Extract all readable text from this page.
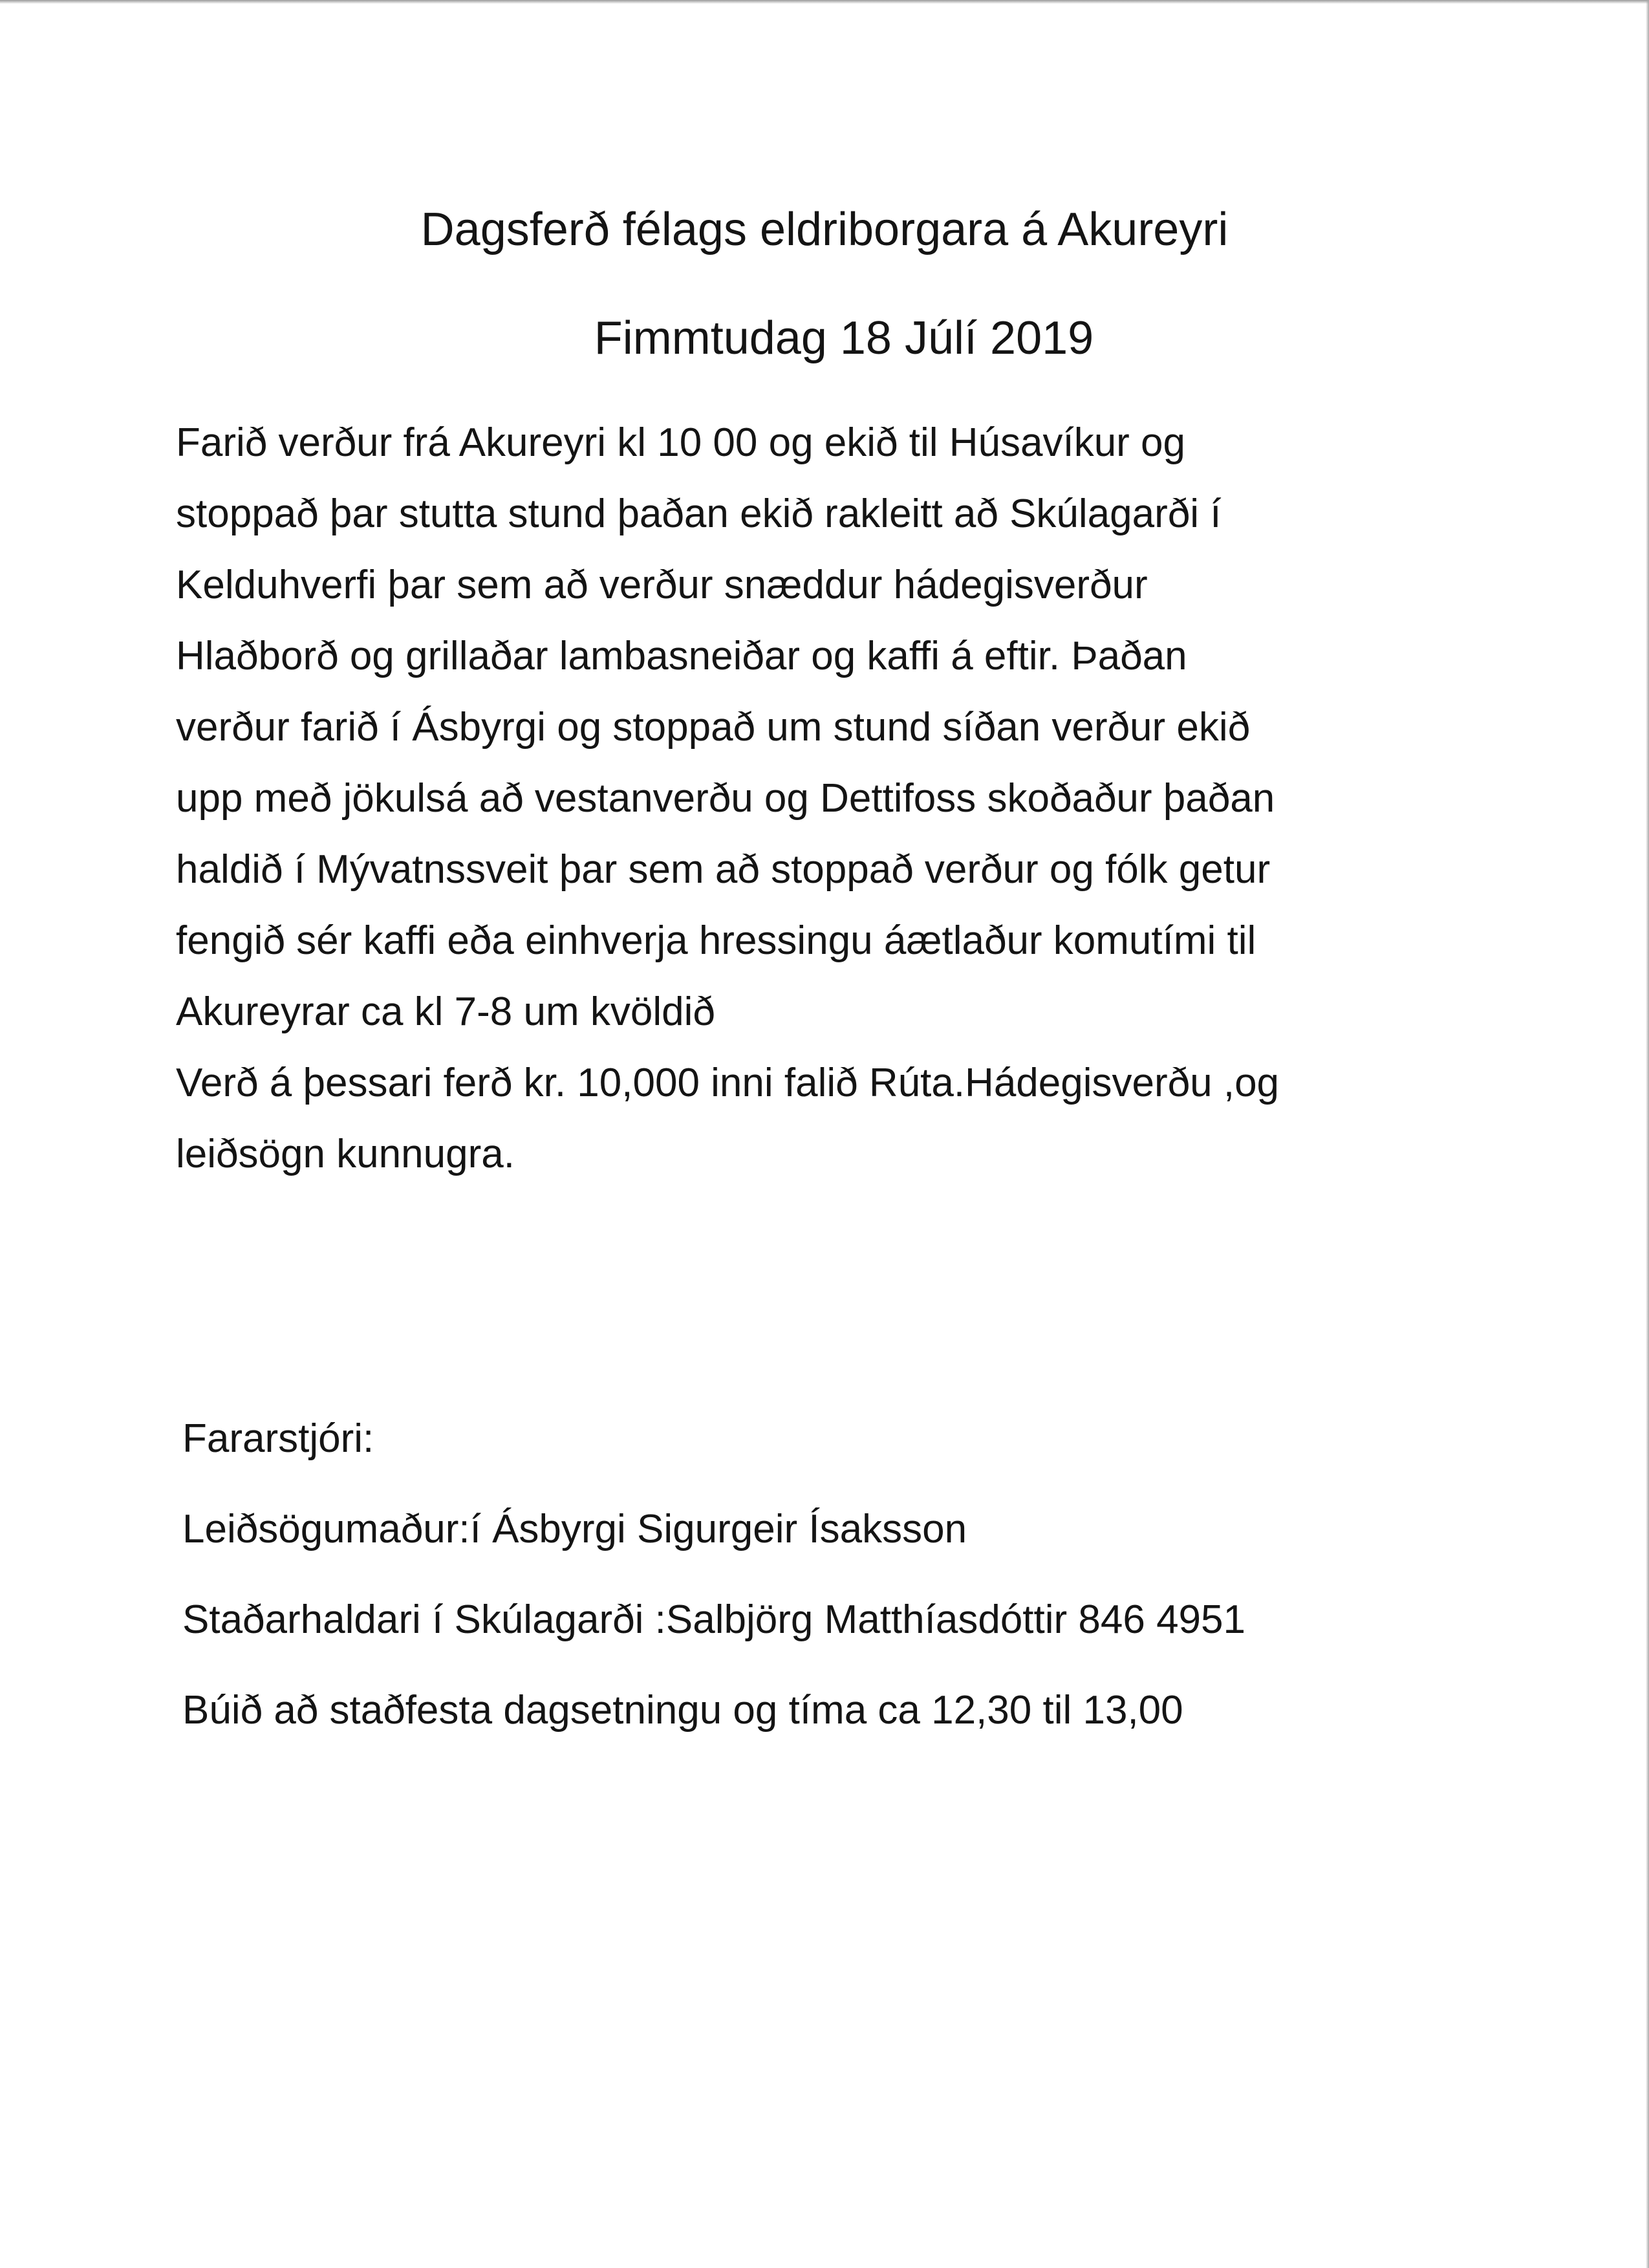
Dagsferð félags eldriborgara á Akureyri
Fimmtudag 18 Júlí 2019
Farið verður frá Akureyri kl 10 00 og ekið til Húsavíkur og
stoppað þar stutta stund þaðan ekið rakleitt að Skúlagarði í
Kelduhverfi þar sem að verður snæddur hádegisverður
Hlaðborð og grillaðar lambasneiðar og kaffi á eftir. Þaðan
verður farið í Ásbyrgi og stoppað um stund síðan verður ekið
upp með jökulsá að vestanverðu og Dettifoss skoðaður þaðan
haldið í Mývatnssveit þar sem að stoppað verður og fólk getur
fengið sér kaffi eða einhverja hressingu áætlaður komutími til
Akureyrar ca kl 7-8 um kvöldið
Verð á þessari ferð kr. 10,000 inni falið Rúta.Hádegisverðu ,og
leiðsögn kunnugra.
Fararstjóri:
Leiðsögumaður:í Ásbyrgi Sigurgeir Ísaksson
Staðarhaldari í Skúlagarði :Salbjörg Matthíasdóttir 846 4951
Búið að staðfesta dagsetningu og tíma ca 12,30 til 13,00
